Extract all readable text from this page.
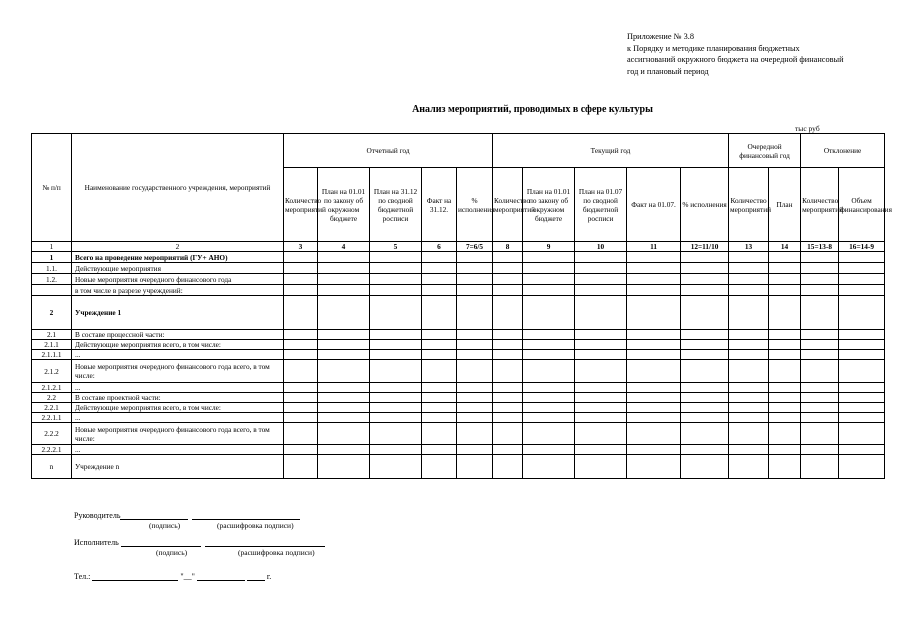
Приложение № 3.8
к Порядку и методике планирования бюджетных
ассигнований окружного бюджета на очередной финансовый
год и плановый период
Анализ мероприятий, проводимых в сфере культуры
тыс руб
№ п/п	Наименование государственного учреждения, мероприятий	Отчетный год					Текущий год					Очередной финансовый год		Отклонение	
		Количество мероприятий	План на 01.01 по закону об окружном бюджете	План на 31.12 по сводной бюджетной росписи	Факт на 31.12.	% исполнения	Количество мероприятий	План на 01.01 по закону об окружном бюджете	План на 01.07 по сводной бюджетной росписи	Факт на 01.07.	% исполнения	Количество мероприятий	План	Количество мероприятий	Объем финансирования
1	2	3	4	5	6	7=6/5	8	9	10	11	12=11/10	13	14	15=13-8	16=14-9
1	Всего на проведение мероприятий (ГУ+ АНО)														
1.1.	Действующие мероприятия														
1.2.	Новые мероприятия очередного финансового года														
	в том числе в разрезе учреждений:														
2	Учреждение 1														
2.1	В составе процессной части:														
2.1.1	Действующие мероприятия всего, в том числе:														
2.1.1.1	...														
2.1.2	Новые мероприятия очередного финансового года всего, в том числе:														
2.1.2.1	...														
2.2	В составе проектной части:														
2.2.1	Действующие мероприятия всего, в том числе:														
2.2.1.1	...														
2.2.2	Новые мероприятия очередного финансового года всего, в том числе:														
2.2.2.1	...														
n	Учреждение n														
Руководитель
(подпись)	(расшифровка подписи)
Исполнитель
(подпись)	(расшифровка подписи)
Тел.:	"__"	г.
